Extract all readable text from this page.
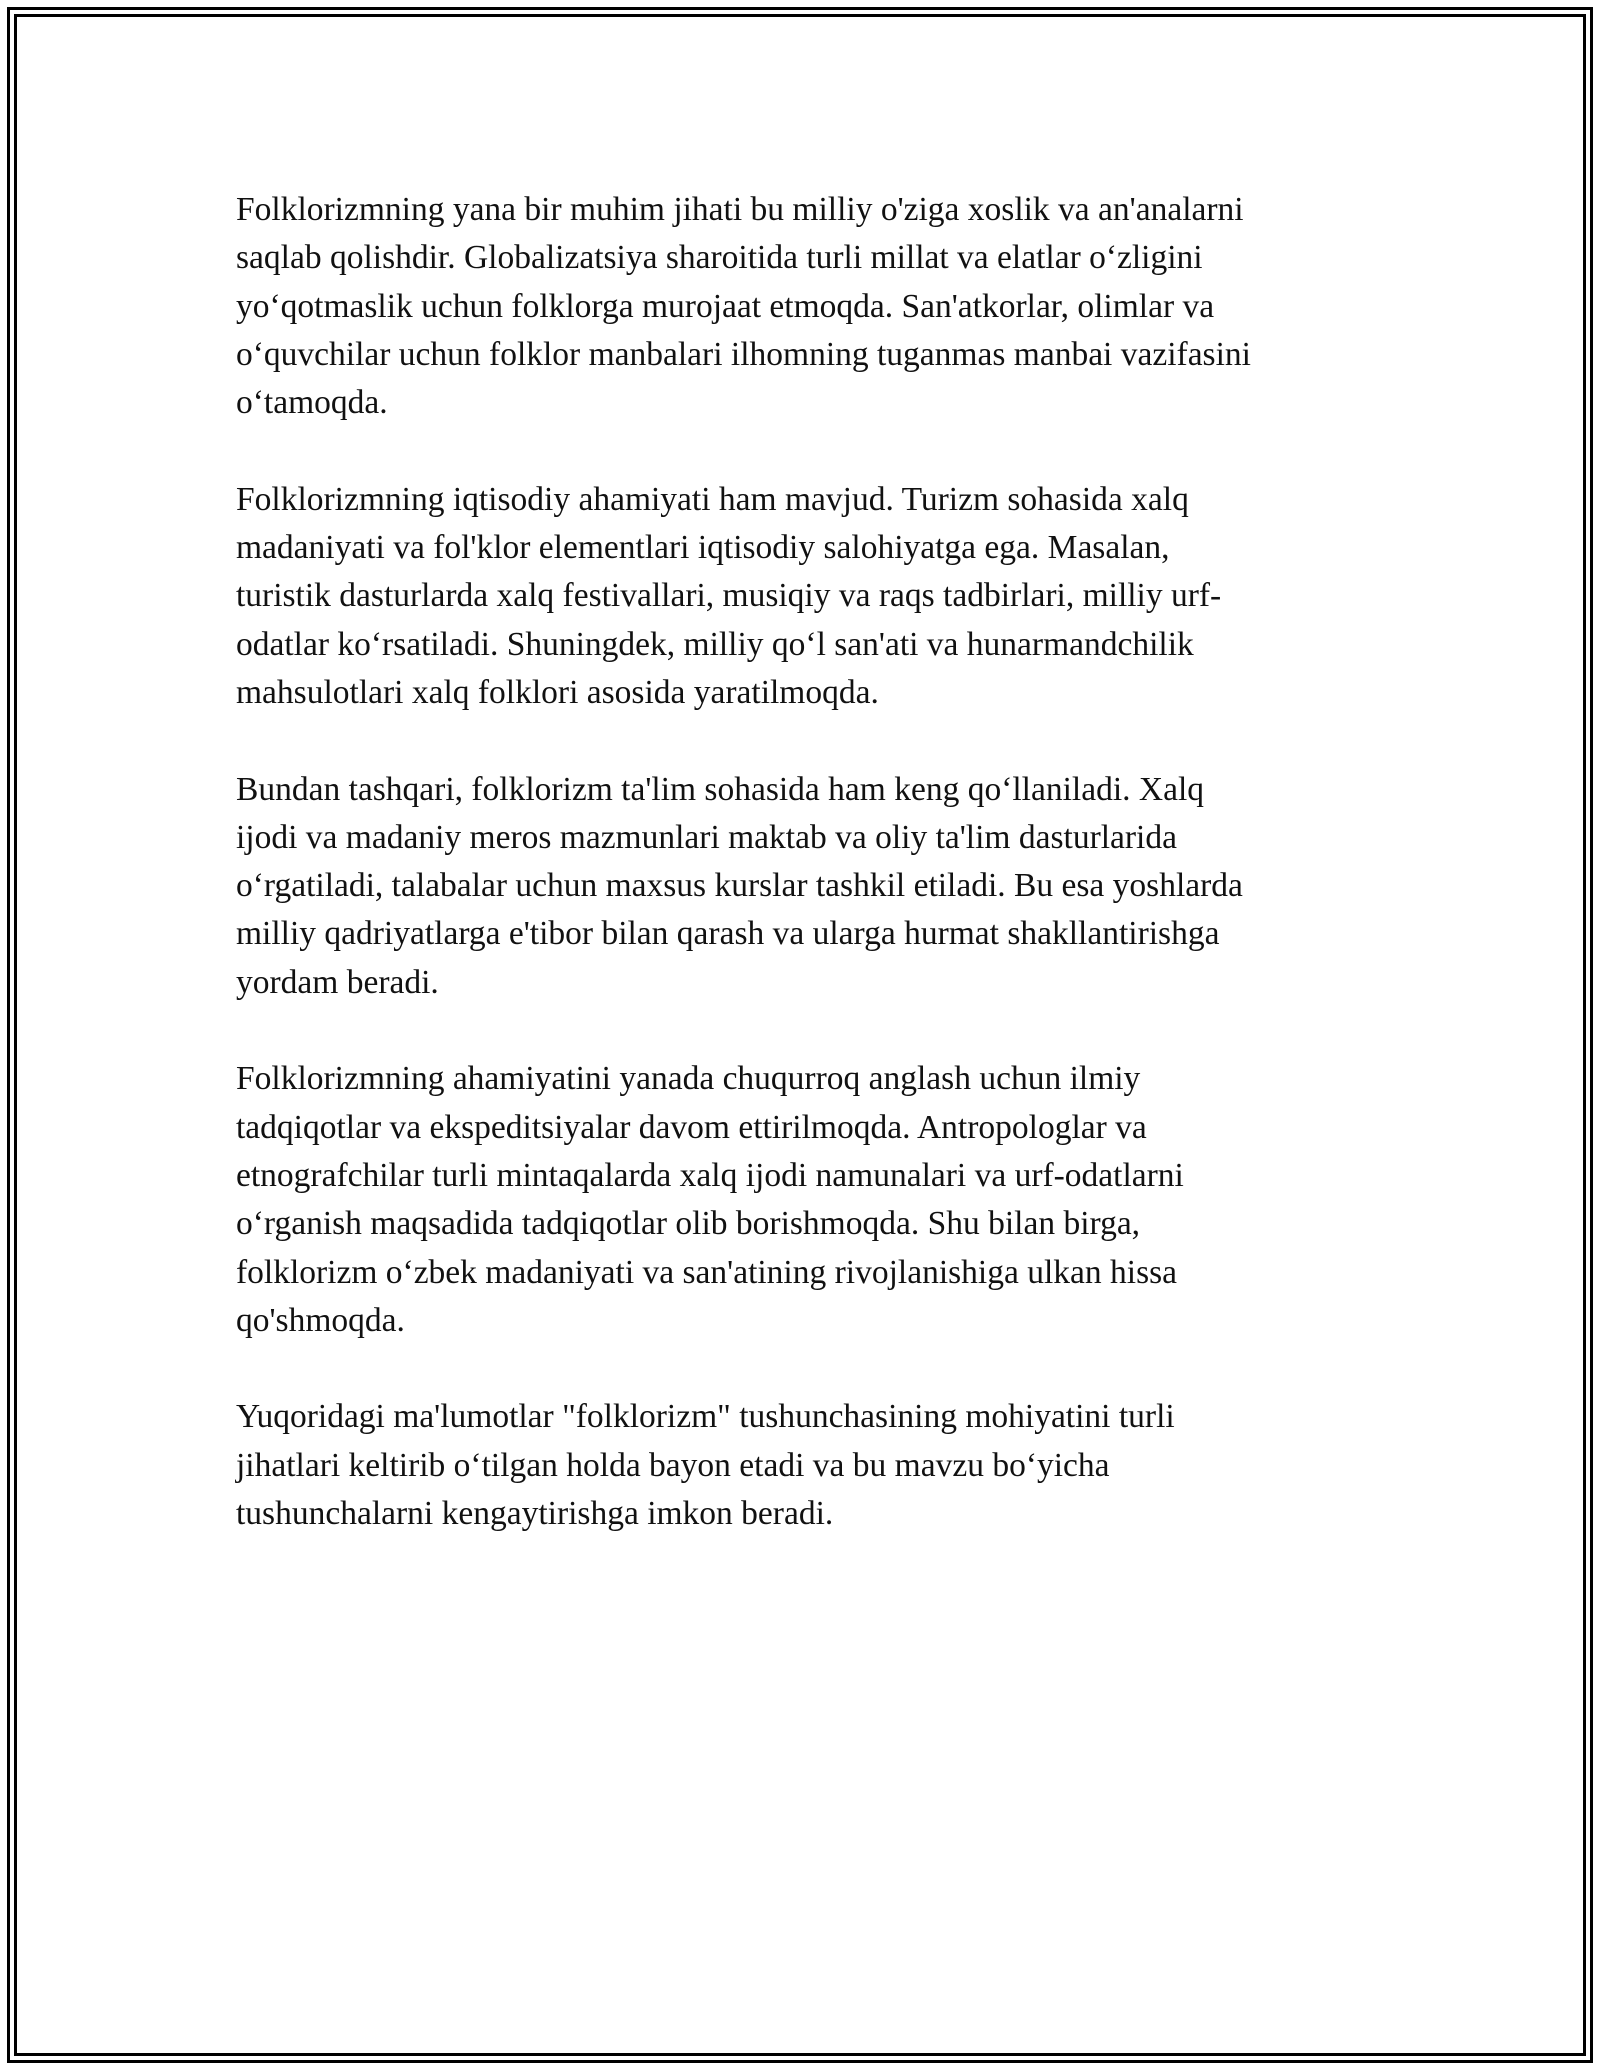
Folklorizmning yana bir muhim jihati bu milliy o'ziga xoslik va an'analarni
saqlab qolishdir. Globalizatsiya sharoitida turli millat va elatlar o‘zligini
yo‘qotmaslik uchun folklorga murojaat etmoqda. San'atkorlar, olimlar va
o‘quvchilar uchun folklor manbalari ilhomning tuganmas manbai vazifasini
o‘tamoqda.

Folklorizmning iqtisodiy ahamiyati ham mavjud. Turizm sohasida xalq
madaniyati va fol'klor elementlari iqtisodiy salohiyatga ega. Masalan,
turistik dasturlarda xalq festivallari, musiqiy va raqs tadbirlari, milliy urf-
odatlar ko‘rsatiladi. Shuningdek, milliy qo‘l san'ati va hunarmandchilik
mahsulotlari xalq folklori asosida yaratilmoqda.

Bundan tashqari, folklorizm ta'lim sohasida ham keng qo‘llaniladi. Xalq
ijodi va madaniy meros mazmunlari maktab va oliy ta'lim dasturlarida
o‘rgatiladi, talabalar uchun maxsus kurslar tashkil etiladi. Bu esa yoshlarda
milliy qadriyatlarga e'tibor bilan qarash va ularga hurmat shakllantirishga
yordam beradi.

Folklorizmning ahamiyatini yanada chuqurroq anglash uchun ilmiy
tadqiqotlar va ekspeditsiyalar davom ettirilmoqda. Antropologlar va
etnografchilar turli mintaqalarda xalq ijodi namunalari va urf-odatlarni
o‘rganish maqsadida tadqiqotlar olib borishmoqda. Shu bilan birga,
folklorizm o‘zbek madaniyati va san'atining rivojlanishiga ulkan hissa
qo'shmoqda.

Yuqoridagi ma'lumotlar "folklorizm" tushunchasining mohiyatini turli
jihatlari keltirib o‘tilgan holda bayon etadi va bu mavzu bo‘yicha
tushunchalarni kengaytirishga imkon beradi.
